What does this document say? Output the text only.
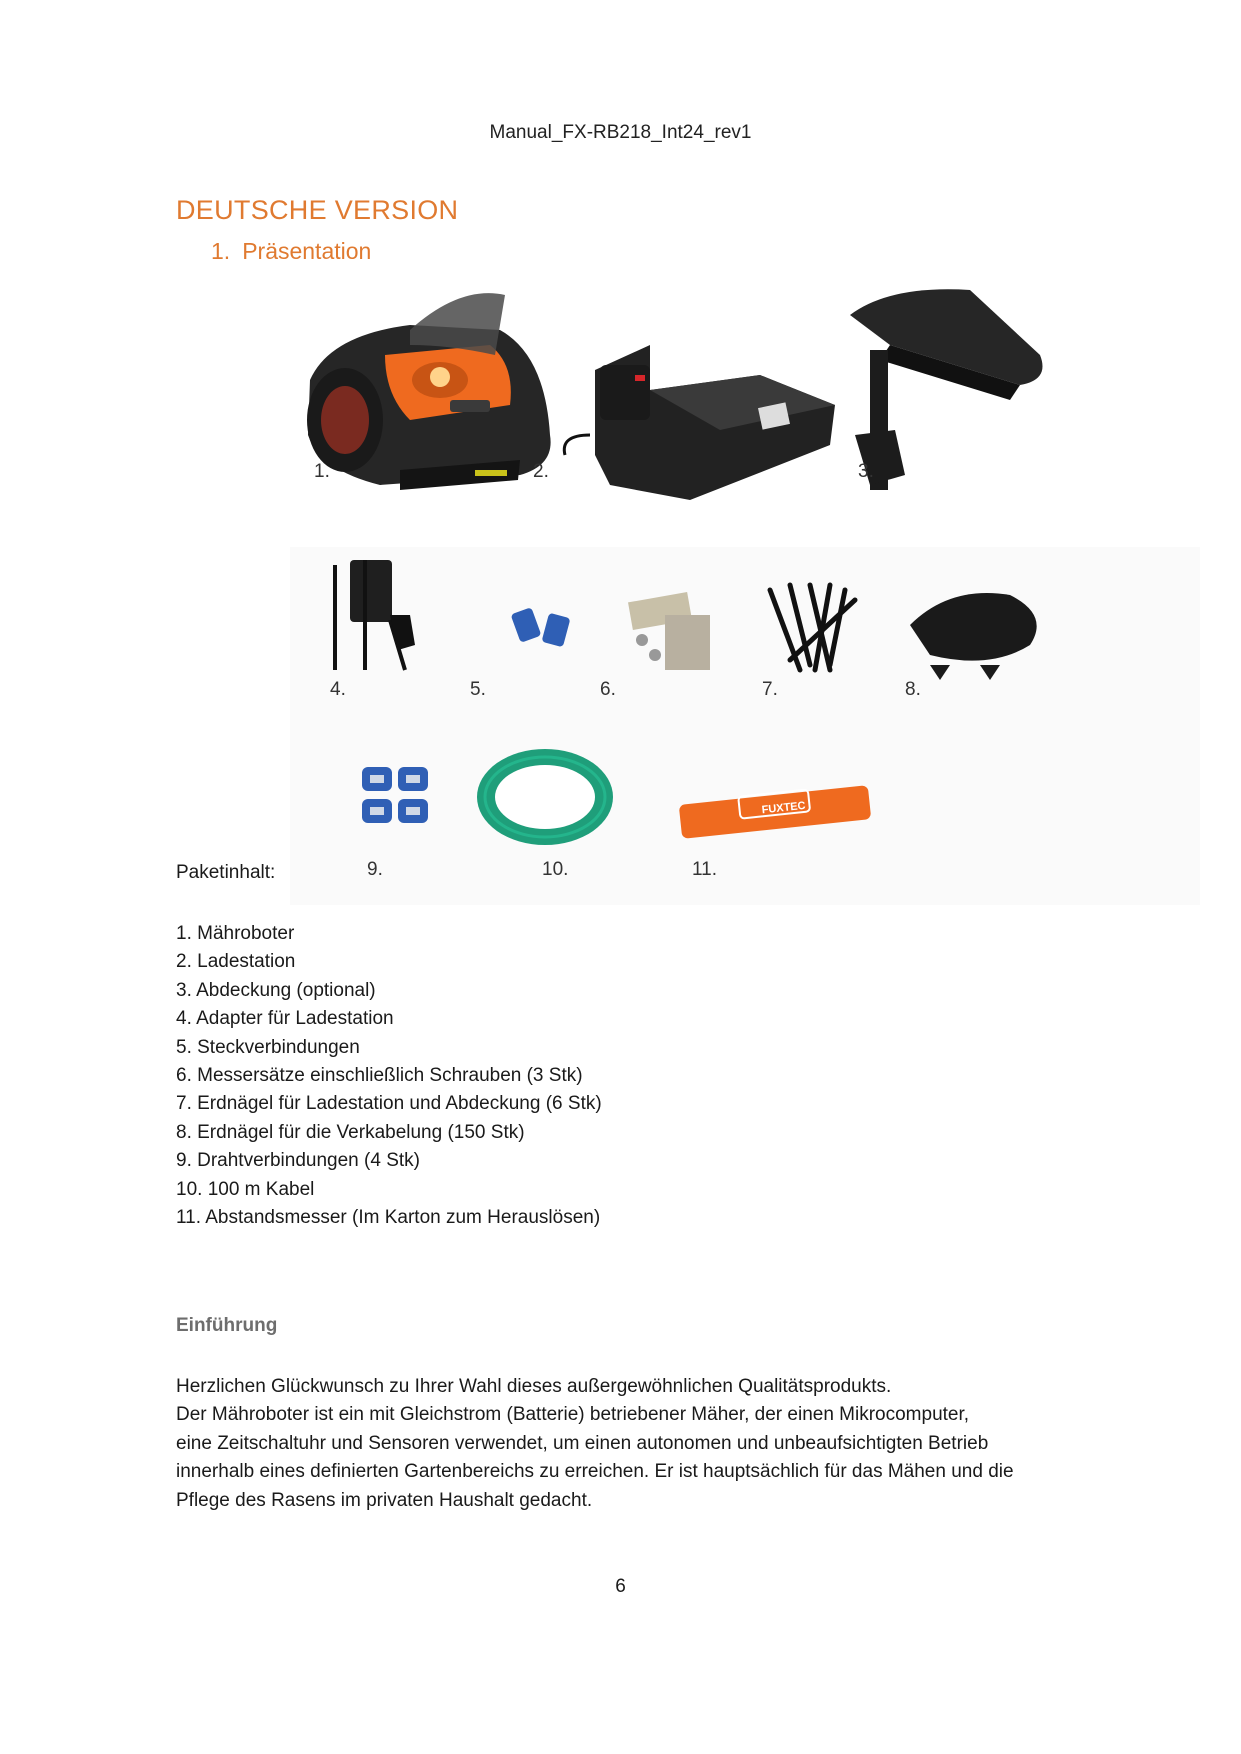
Manual_FX-RB218_Int24_rev1
DEUTSCHE VERSION
1. Präsentation
1.	2.	3.
4.	5.	6.	7.	8.
FUXTEC
9.	10.	11.
Paketinhalt:
1. Mähroboter
2. Ladestation
3. Abdeckung (optional)
4. Adapter für Ladestation
5. Steckverbindungen
6. Messersätze einschließlich Schrauben (3 Stk)
7. Erdnägel für Ladestation und Abdeckung (6 Stk)
8. Erdnägel für die Verkabelung (150 Stk)
9. Drahtverbindungen (4 Stk)
10. 100 m Kabel
11. Abstandsmesser (Im Karton zum Herauslösen)
Einführung

Herzlichen Glückwunsch zu Ihrer Wahl dieses außergewöhnlichen Qualitätsprodukts.
Der Mähroboter ist ein mit Gleichstrom (Batterie) betriebener Mäher, der einen Mikrocomputer,
eine Zeitschaltuhr und Sensoren verwendet, um einen autonomen und unbeaufsichtigten Betrieb
innerhalb eines definierten Gartenbereichs zu erreichen. Er ist hauptsächlich für das Mähen und die
Pflege des Rasens im privaten Haushalt gedacht.

6
